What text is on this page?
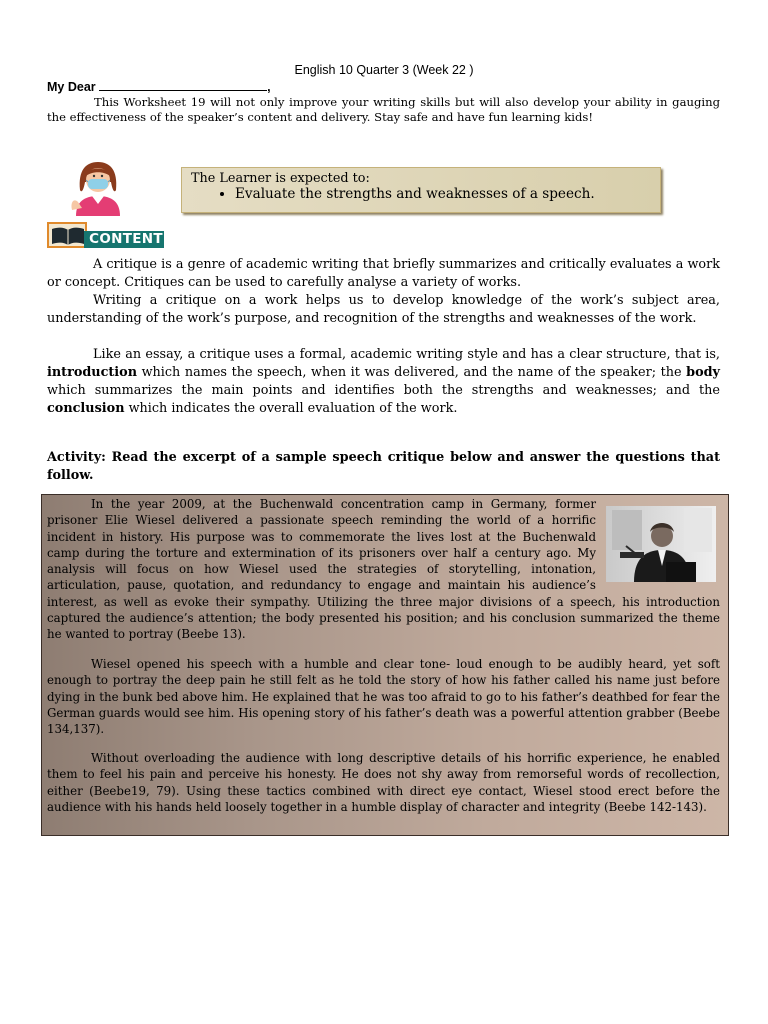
English 10 Quarter 3 (Week 22 )
My Dear	,
This Worksheet 19 will not only improve your writing skills but will also develop your ability in gauging the effectiveness of the speaker’s content and delivery. Stay safe and have fun learning kids!
The Learner is expected to:
• Evaluate the strengths and weaknesses of a speech.
CONTENT

A critique is a genre of academic writing that briefly summarizes and critically evaluates a work or concept. Critiques can be used to carefully analyse a variety of works.

Writing a critique on a work helps us to develop knowledge of the work’s subject area, understanding of the work’s purpose, and recognition of the strengths and weaknesses of the work.

Like an essay, a critique uses a formal, academic writing style and has a clear structure, that is, introduction which names the speech, when it was delivered, and the name of the speaker; the body which summarizes the main points and identifies both the strengths and weaknesses; and the conclusion which indicates the overall evaluation of the work.

Activity: Read the excerpt of a sample speech critique below and answer the questions that follow.

In the year 2009, at the Buchenwald concentration camp in Germany, former prisoner Elie Wiesel delivered a passionate speech reminding the world of a horrific incident in history. His purpose was to commemorate the lives lost at the Buchenwald camp during the torture and extermination of its prisoners over half a century ago. My analysis will focus on how Wiesel used the strategies of storytelling, intonation, articulation, pause, quotation, and redundancy to engage and maintain his audience’s interest, as well as evoke their sympathy. Utilizing the three major divisions of a speech, his introduction captured the audience’s attention; the body presented his position; and his conclusion summarized the theme he wanted to portray (Beebe 13).

Wiesel opened his speech with a humble and clear tone- loud enough to be audibly heard, yet soft enough to portray the deep pain he still felt as he told the story of how his father called his name just before dying in the bunk bed above him. He explained that he was too afraid to go to his father’s deathbed for fear the German guards would see him. His opening story of his father’s death was a powerful attention grabber (Beebe 134,137).

Without overloading the audience with long descriptive details of his horrific experience, he enabled them to feel his pain and perceive his honesty. He does not shy away from remorseful words of recollection, either (Beebe19, 79). Using these tactics combined with direct eye contact, Wiesel stood erect before the audience with his hands held loosely together in a humble display of character and integrity (Beebe 142-143).
